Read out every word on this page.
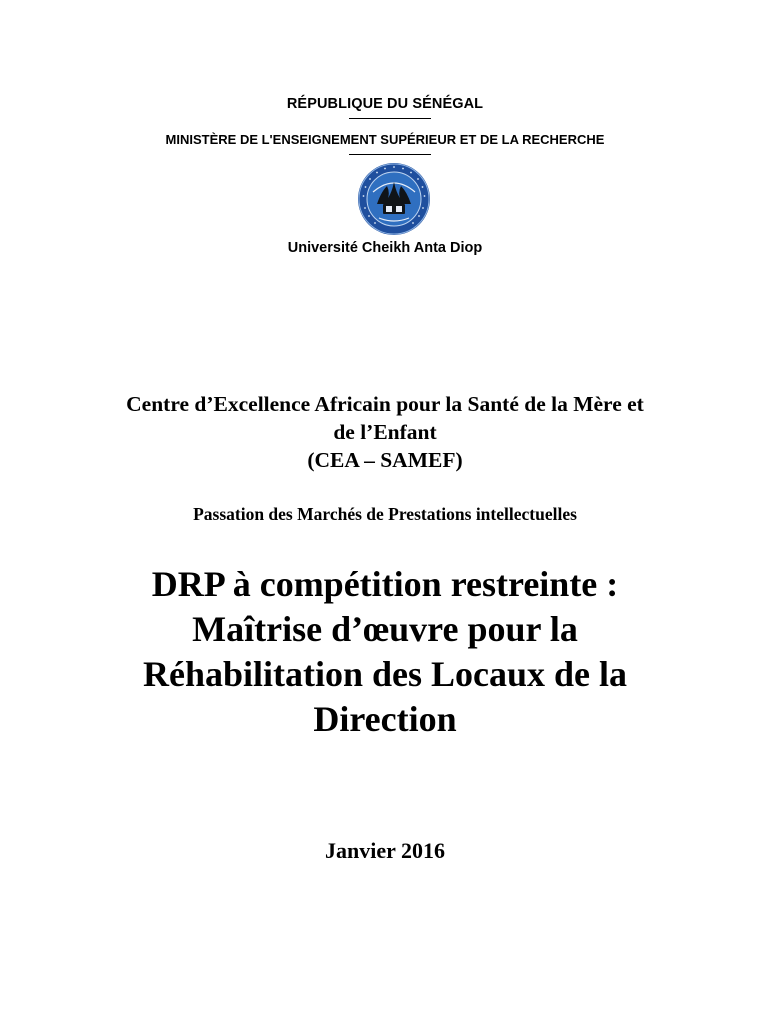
RÉPUBLIQUE DU SÉNÉGAL
MINISTÈRE DE L'ENSEIGNEMENT SUPÉRIEUR ET DE LA RECHERCHE
Université Cheikh Anta Diop
Centre d’Excellence Africain pour la Santé de la Mère et
de l’Enfant
(CEA – SAMEF)
Passation des Marchés de Prestations intellectuelles
DRP à compétition restreinte :
Maîtrise d’œuvre pour la
Réhabilitation des Locaux de la
Direction
Janvier 2016
